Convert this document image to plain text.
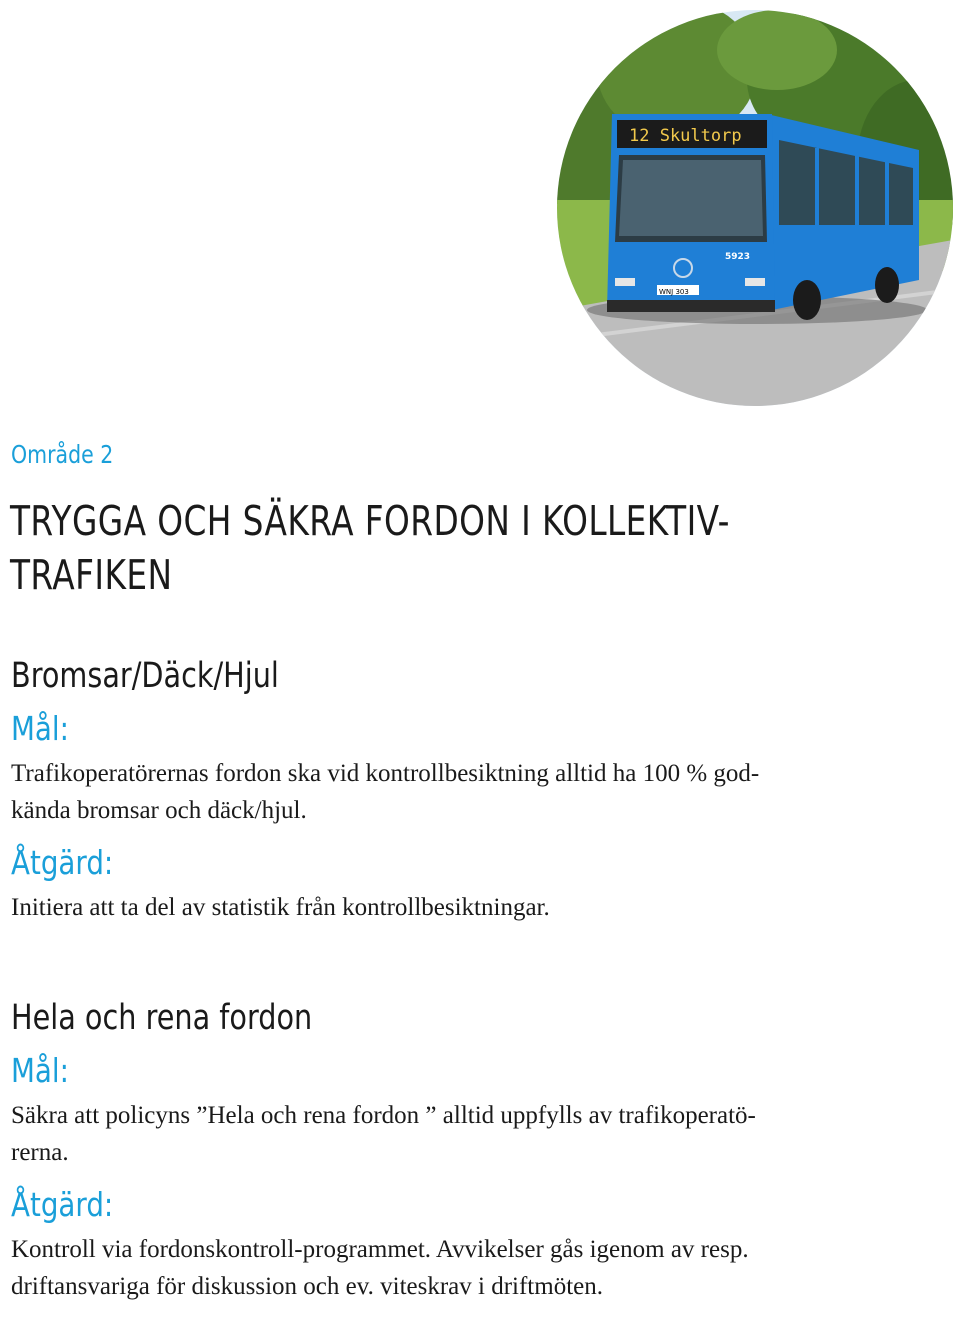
12 Skultorp
WNJ 303
5923
Område 2
TRYGGA OCH SÄKRA FORDON I KOLLEKTIV-
TRAFIKEN
Bromsar/Däck/Hjul
Mål:

Trafikoperatörernas fordon ska vid kontrollbesiktning alltid ha 100 % god-
kända bromsar och däck/hjul.

Åtgärd:

Initiera att ta del av statistik från kontrollbesiktningar.

Hela och rena fordon
Mål:

Säkra att policyns ”Hela och rena fordon ” alltid uppfylls av trafikoperatö-
rerna.

Åtgärd:

Kontroll via fordonskontroll-programmet. Avvikelser gås igenom av resp.
driftansvariga för diskussion och ev. viteskrav i driftmöten.
